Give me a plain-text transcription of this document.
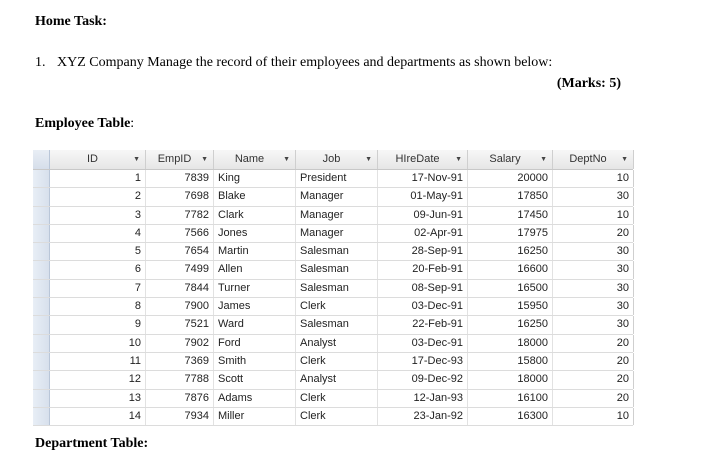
Home Task:
1. XYZ Company Manage the record of their employees and departments as shown below:
(Marks: 5)
Employee Table:
ID	▼	EmpID	▼	Name	▼	Job	▼	HIreDate	▼	Salary	▼	DeptNo	▼
1	7839 King	President	17-Nov-91	20000	10
2	7698 Blake	Manager	01-May-91	17850	30
3	7782 Clark	Manager	09-Jun-91	17450	10
4	7566 Jones	Manager	02-Apr-91	17975	20
5	7654 Martin	Salesman	28-Sep-91	16250	30
6	7499 Allen	Salesman	20-Feb-91	16600	30
7	7844 Turner	Salesman	08-Sep-91	16500	30
8	7900 James	Clerk	03-Dec-91	15950	30
9	7521 Ward	Salesman	22-Feb-91	16250	30
10	7902 Ford	Analyst	03-Dec-91	18000	20
11	7369 Smith	Clerk	17-Dec-93	15800	20
12	7788 Scott	Analyst	09-Dec-92	18000	20
13	7876 Adams	Clerk	12-Jan-93	16100	20
14	7934 Miller	Clerk	23-Jan-92	16300	10
Department Table:
